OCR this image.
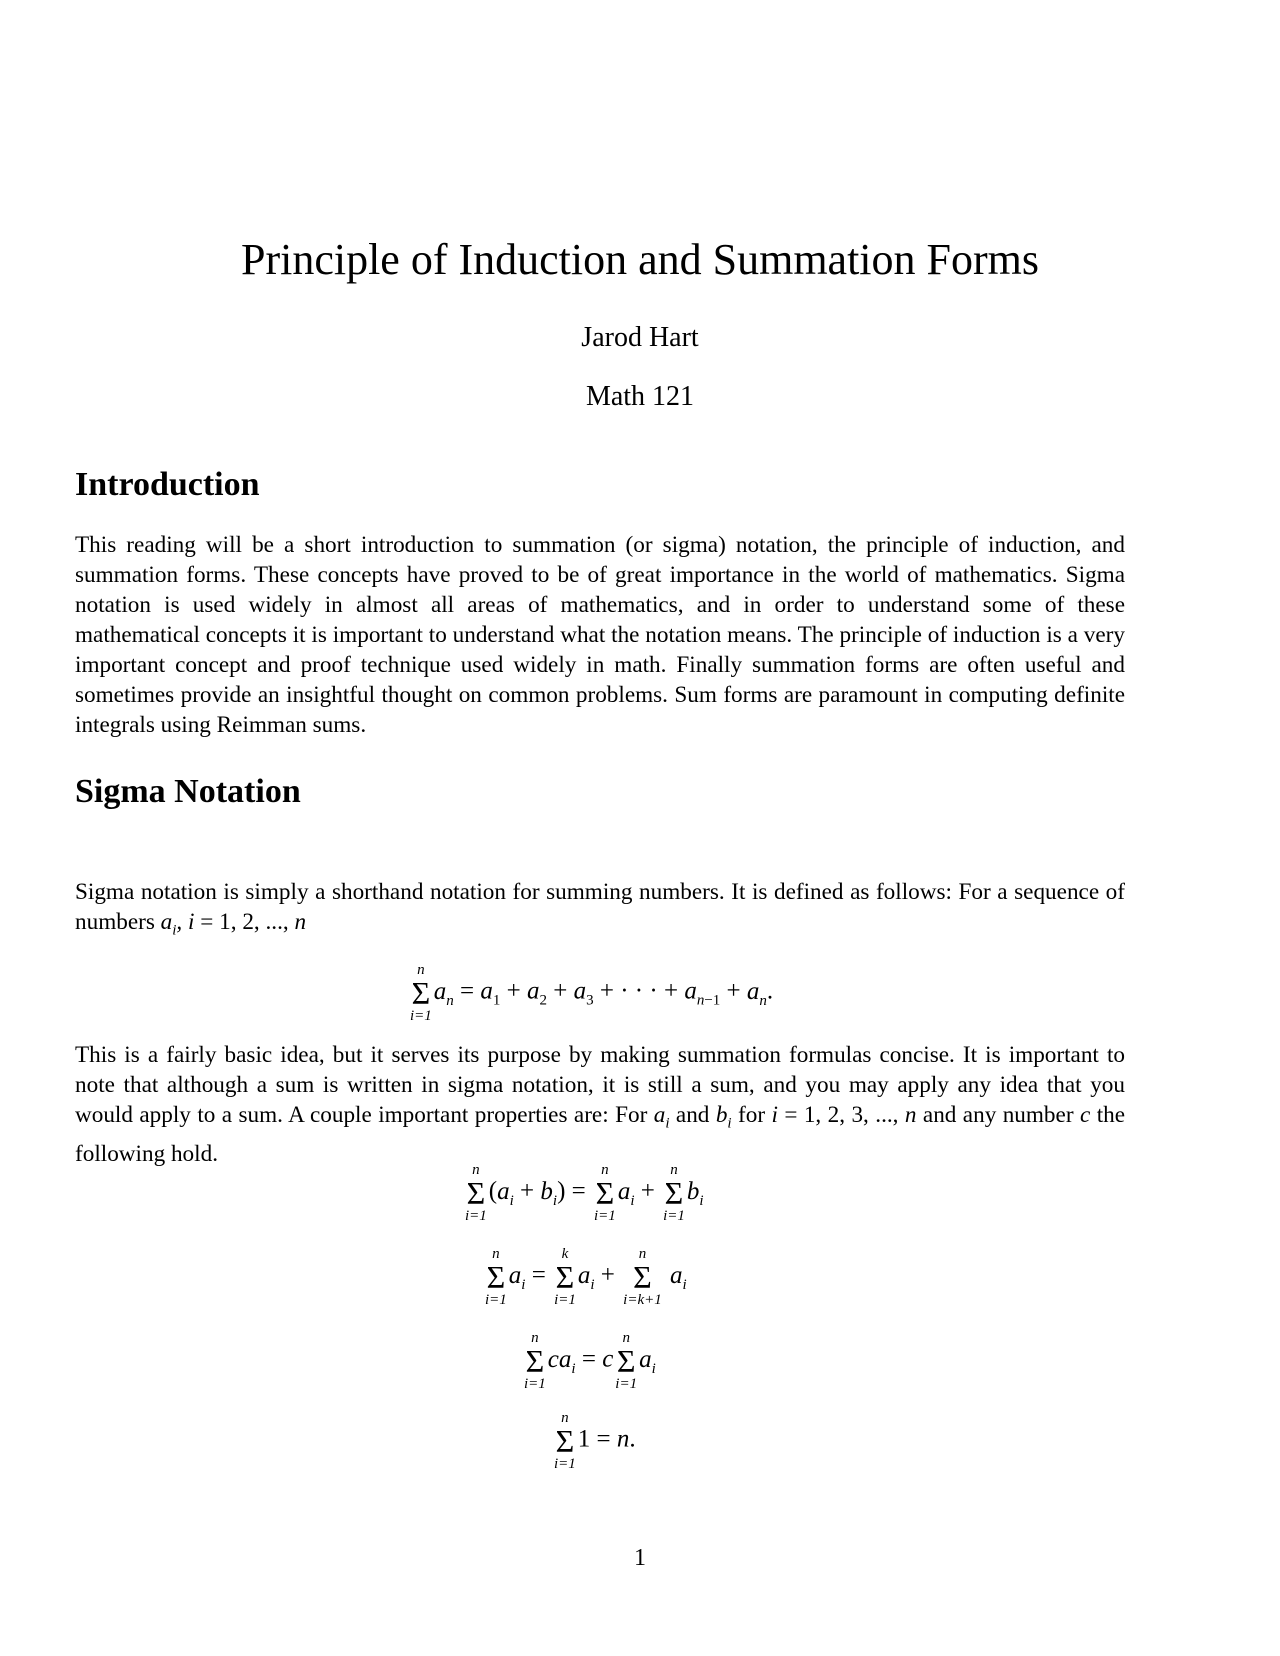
Principle of Induction and Summation Forms
Jarod Hart
Math 121
Introduction

This reading will be a short introduction to summation (or sigma) notation, the principle of induction, and summation forms. These concepts have proved to be of great importance in the world of mathematics. Sigma notation is used widely in almost all areas of mathematics, and in order to understand some of these mathematical concepts it is important to understand what the notation means. The principle of induction is a very important concept and proof technique used widely in math. Finally summation forms are often useful and sometimes provide an insightful thought on common problems. Sum forms are paramount in computing definite integrals using Reimman sums.

Sigma Notation

Sigma notation is simply a shorthand notation for summing numbers. It is defined as follows: For a sequence of numbers $a_i$, i = 1, 2, ..., n

n
Σ
i=1
$a_n = a_1 + a_2 + a_3$ + · · · + $a_{n-1} + a_n$.

This is a fairly basic idea, but it serves its purpose by making summation formulas concise. It is important to note that although a sum is written in sigma notation, it is still a sum, and you may apply any idea that you would apply to a sum. A couple important properties are: For $a_i$ and $b_i$ for i = 1, 2, 3, ..., n and any number c the following hold.

n
Σ
i=1
$(a_i + b_i)$ =
n
Σ
i=1
$a_i$ +
n
Σ
i=1
$b_i$
n
Σ
i=1
$a_i$ =
k
Σ
i=1
$a_i$ +
n
Σ
i=k+1
$a_i$
n
Σ
i=1
$ca_i = c$
n
Σ
i=1
$a_i$
n
Σ
i=1
1 = n.
1
